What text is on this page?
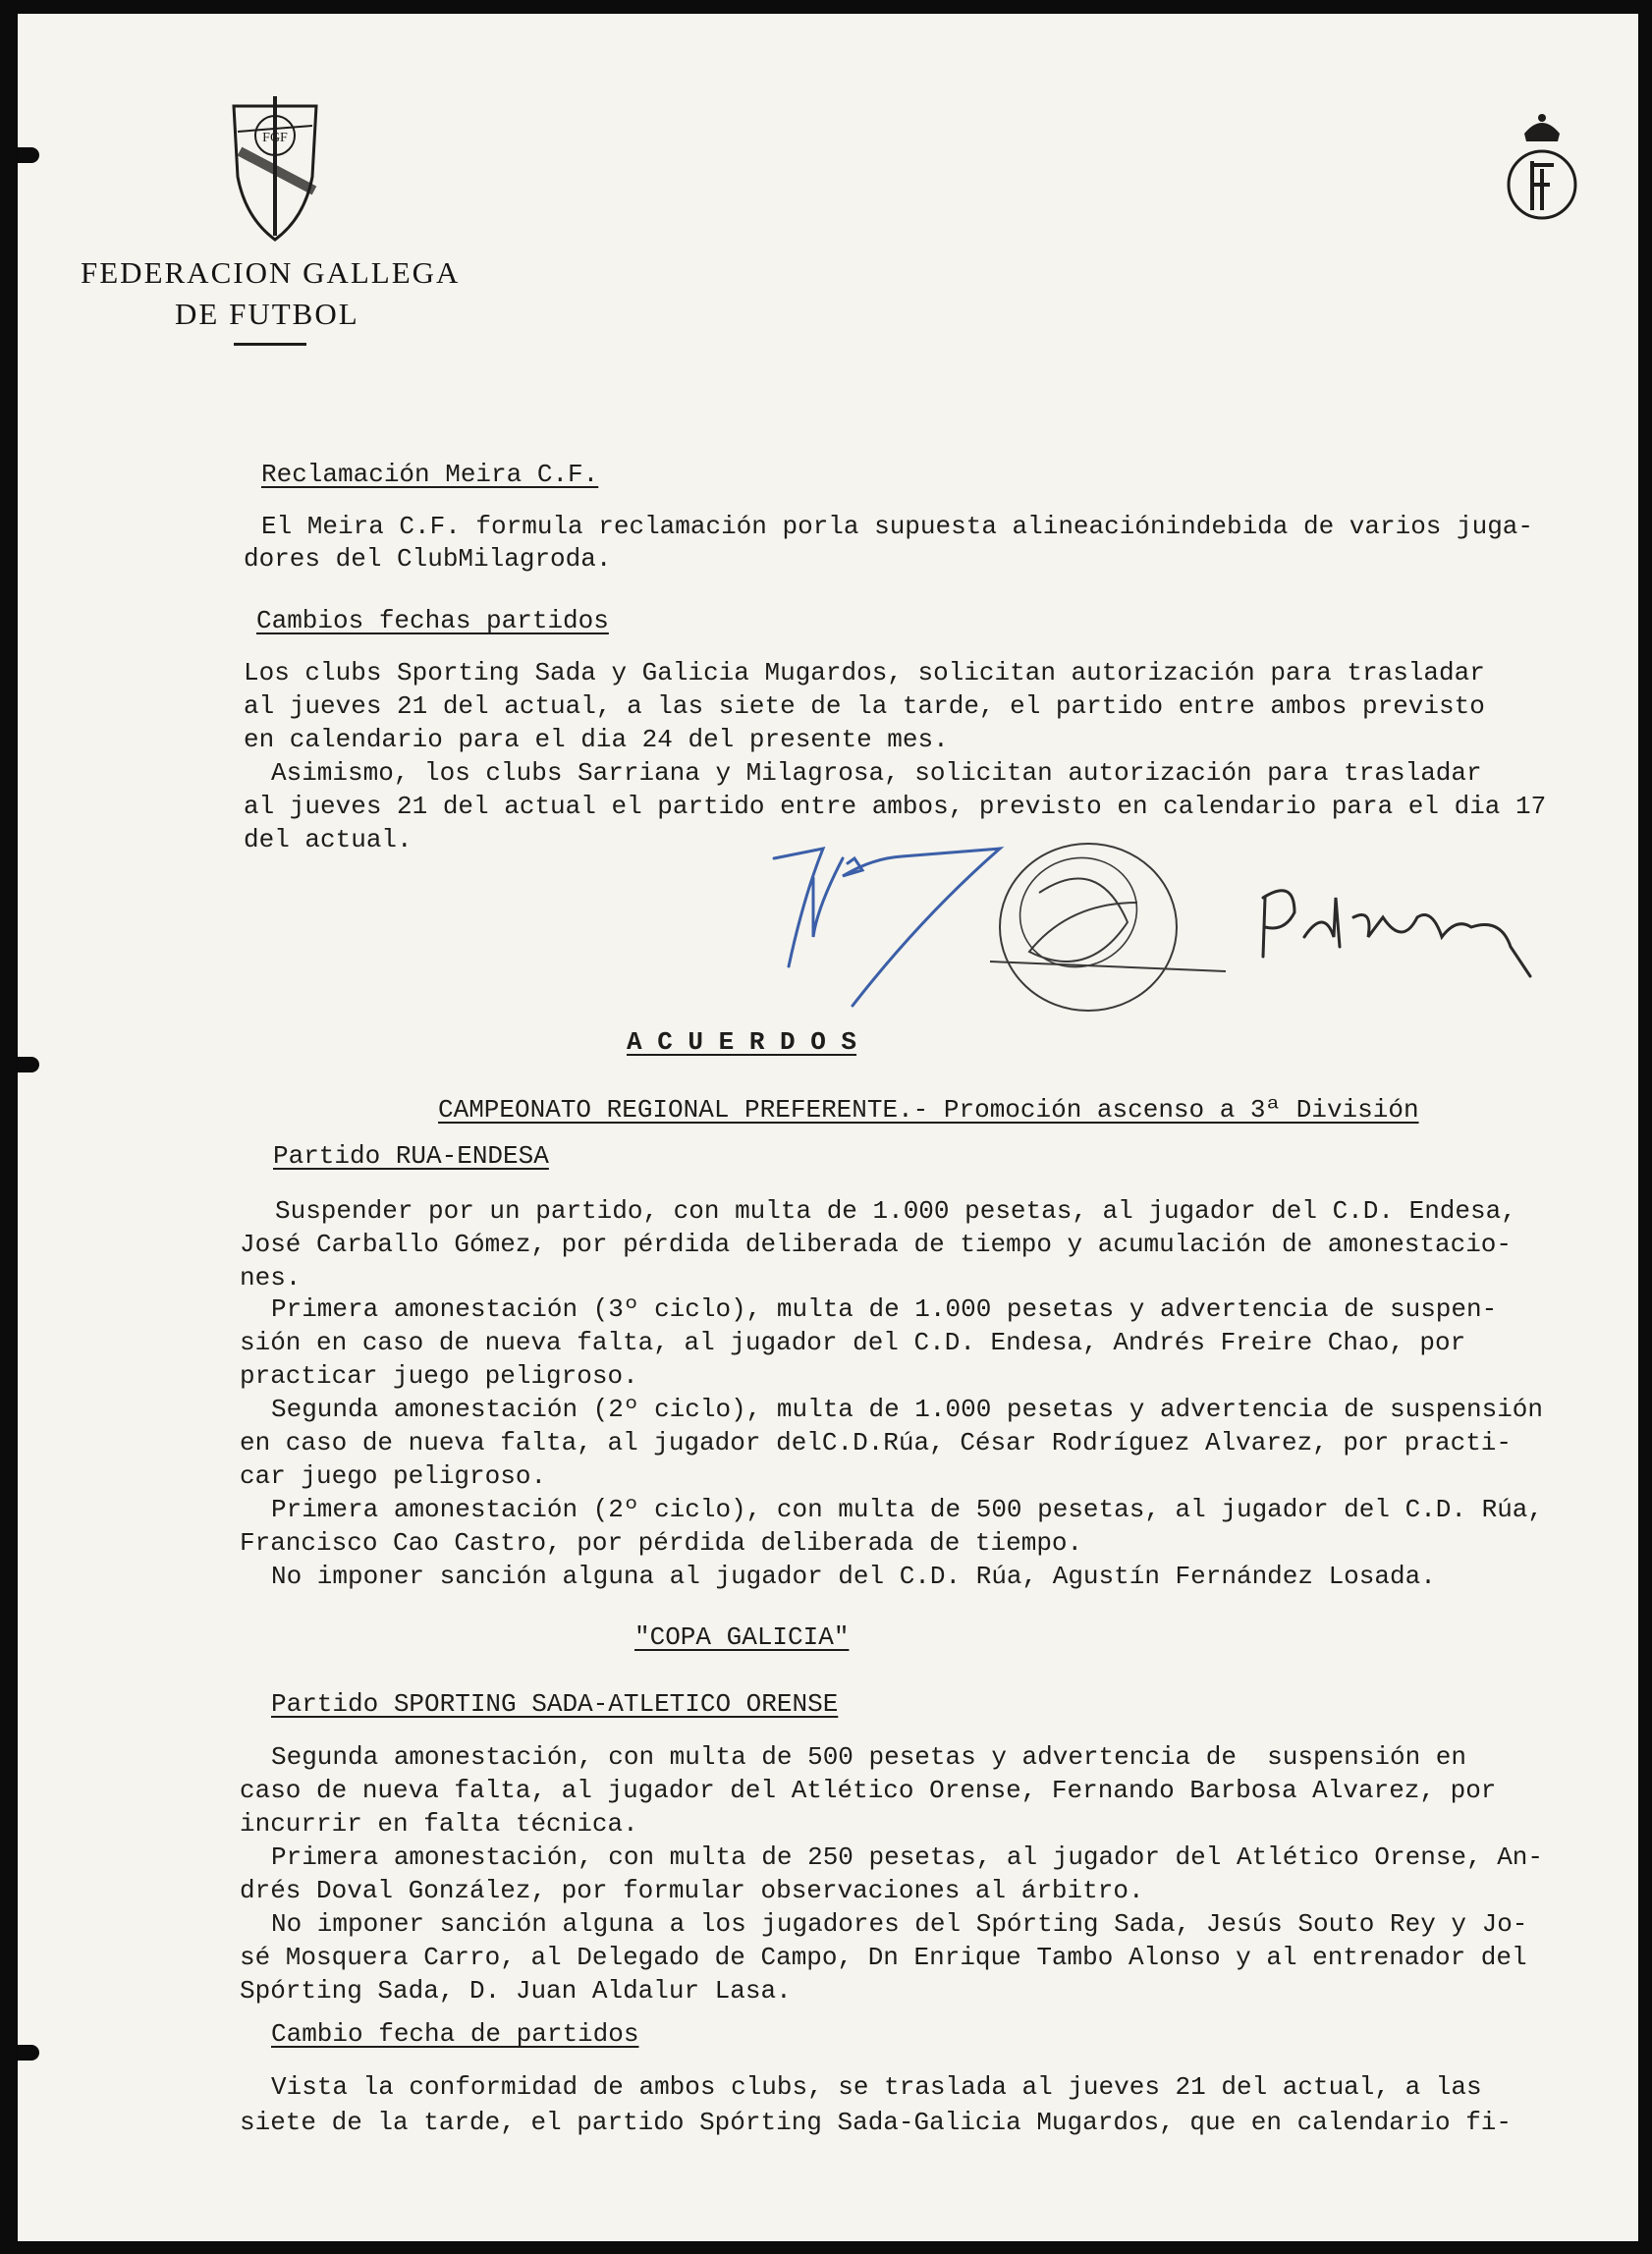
FGF
FEDERACION GALLEGA
DE FUTBOL
Reclamación Meira C.F.
El Meira C.F. formula reclamación porla supuesta alineaciónindebida de varios juga-
dores del ClubMilagroda.
Cambios fechas partidos
Los clubs Sporting Sada y Galicia Mugardos, solicitan autorización para trasladar
al jueves 21 del actual, a las siete de la tarde, el partido entre ambos previsto
en calendario para el dia 24 del presente mes.
Asimismo, los clubs Sarriana y Milagrosa, solicitan autorización para trasladar
al jueves 21 del actual el partido entre ambos, previsto en calendario para el dia 17
del actual.
A C U E R D O S
CAMPEONATO REGIONAL PREFERENTE.- Promoción ascenso a 3ª División
Partido RUA-ENDESA
Suspender por un partido, con multa de 1.000 pesetas, al jugador del C.D. Endesa,
José Carballo Gómez, por pérdida deliberada de tiempo y acumulación de amonestacio-
nes.
Primera amonestación (3º ciclo), multa de 1.000 pesetas y advertencia de suspen-
sión en caso de nueva falta, al jugador del C.D. Endesa, Andrés Freire Chao, por
practicar juego peligroso.
Segunda amonestación (2º ciclo), multa de 1.000 pesetas y advertencia de suspensión
en caso de nueva falta, al jugador delC.D.Rúa, César Rodríguez Alvarez, por practi-
car juego peligroso.
Primera amonestación (2º ciclo), con multa de 500 pesetas, al jugador del C.D. Rúa,
Francisco Cao Castro, por pérdida deliberada de tiempo.
No imponer sanción alguna al jugador del C.D. Rúa, Agustín Fernández Losada.
"COPA GALICIA"
Partido SPORTING SADA-ATLETICO ORENSE
Segunda amonestación, con multa de 500 pesetas y advertencia de  suspensión en
caso de nueva falta, al jugador del Atlético Orense, Fernando Barbosa Alvarez, por
incurrir en falta técnica.
Primera amonestación, con multa de 250 pesetas, al jugador del Atlético Orense, An-
drés Doval González, por formular observaciones al árbitro.
No imponer sanción alguna a los jugadores del Spórting Sada, Jesús Souto Rey y Jo-
sé Mosquera Carro, al Delegado de Campo, Dn Enrique Tambo Alonso y al entrenador del
Spórting Sada, D. Juan Aldalur Lasa.
Cambio fecha de partidos
Vista la conformidad de ambos clubs, se traslada al jueves 21 del actual, a las
siete de la tarde, el partido Spórting Sada-Galicia Mugardos, que en calendario fi-
